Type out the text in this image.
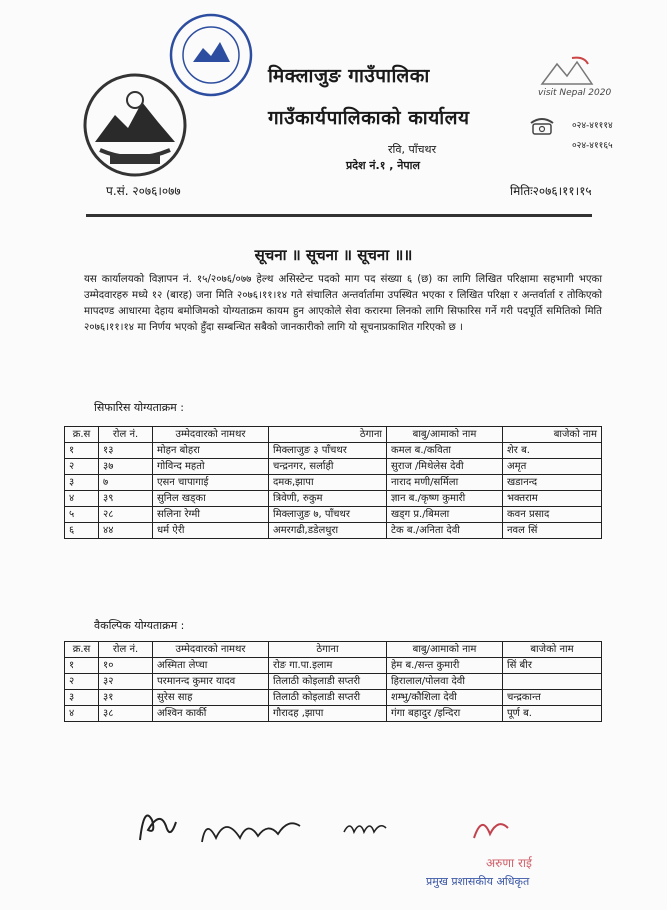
मिक्लाजुङ गाउँपालिका
गाउँकार्यपालिकाको कार्यालय
रवि, पाँचथर
प्रदेश नं.१ , नेपाल
visit Nepal 2020
०२४-४१११४
०२४-४११६५
प.सं. २०७६।०७७	मितिः२०७६।११।१५
सूचना ॥ सूचना ॥ सूचना ॥॥
यस कार्यालयको विज्ञापन नं. १५/२०७६/०७७ हेल्थ असिस्टेन्ट पदको माग पद संख्या ६ (छ) का लागि लिखित परिक्षामा सहभागी भएका उम्मेदवारहरु मध्ये १२ (बारह) जना मिति २०७६।११।१४ गते संचालित अन्तर्वार्तामा उपस्थित भएका र लिखित परिक्षा र अन्तर्वार्ता र तोकिएको मापदण्ड आधारमा देहाय बमोजिमको योग्यताक्रम कायम हुन आएकोले सेवा करारमा लिनको लागि सिफारिस गर्ने गरी पदपूर्ति समितिको मिति २०७६।११।१४ मा निर्णय भएको हुँदा सम्बन्धित सबैको जानकारीको लागि यो सूचनाप्रकाशित गरिएको छ ।
सिफारिस योग्यताक्रम :
क्र.स	रोल नं.	उम्मेदवारको नामथर	ठेगाना	बाबु/आमाको नाम	बाजेको नाम
१	१३	मोहन बोहरा	मिक्लाजुङ ३ पाँचथर	कमल ब./कविता	शेर ब.
२	३७	गोविन्द महतो	चन्द्रनगर, सर्लाही	सुराज /मिथेलेस देवी	अमृत
३	७	एसन चापागाई	दमक,झापा	नाराद मणी/सर्मिला	खडानन्द
४	३९	सुनिल खड्का	त्रिवेणी, रुकुम	ज्ञान ब./कृष्ण कुमारी	भक्तराम
५	२८	सलिना रेग्मी	मिक्लाजुङ ७, पाँचथर	खड्ग प्र./बिमला	कवन प्रसाद
६	४४	धर्म ऐरी	अमरगढी,डडेलधुरा	टेक ब./अनिता देवी	नवल सिं
वैकल्पिक योग्यताक्रम :
क्र.स	रोल नं.	उम्मेदवारको नामथर	ठेगाना	बाबु/आमाको नाम	बाजेको नाम
१	१०	अस्मिता लेप्चा	रोङ गा.पा.इलाम	हेम ब./सन्त कुमारी	सिं बीर
२	३२	परमानन्द कुमार यादव	तिलाठी कोइलाडी सप्तरी	हिरालाल/पोलवा देवी	
३	३१	सुरेस साह	तिलाठी कोइलाडी सप्तरी	शम्भु/कौशिला देवी	चन्द्रकान्त
४	३८	अश्विन कार्की	गौरादह ,झापा	गंगा बहादुर /इन्दिरा	पूर्ण ब.
अरुणा राई
प्रमुख प्रशासकीय अधिकृत
